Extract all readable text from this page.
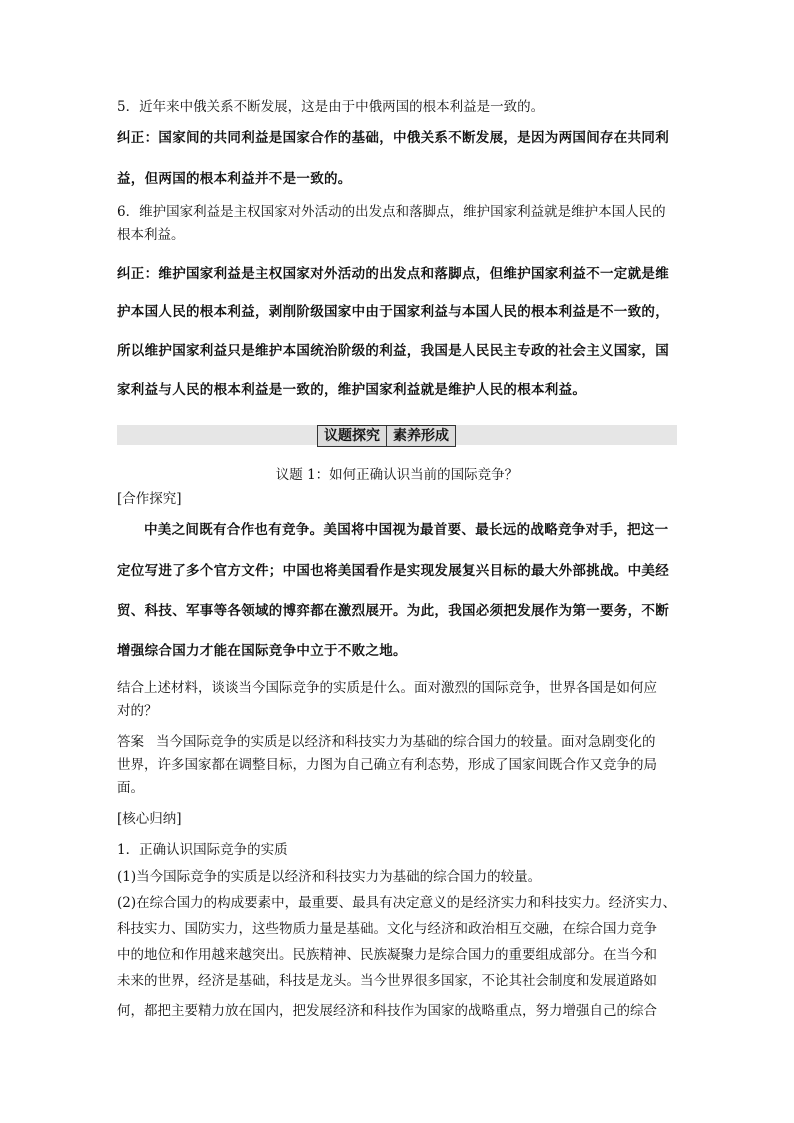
5．近年来中俄关系不断发展，这是由于中俄两国的根本利益是一致的。
纠正：国家间的共同利益是国家合作的基础，中俄关系不断发展，是因为两国间存在共同利
益，但两国的根本利益并不是一致的。
6．维护国家利益是主权国家对外活动的出发点和落脚点，维护国家利益就是维护本国人民的
根本利益。
纠正：维护国家利益是主权国家对外活动的出发点和落脚点，但维护国家利益不一定就是维
护本国人民的根本利益，剥削阶级国家中由于国家利益与本国人民的根本利益是不一致的，
所以维护国家利益只是维护本国统治阶级的利益，我国是人民民主专政的社会主义国家，国
家利益与人民的根本利益是一致的，维护国家利益就是维护人民的根本利益。
议题探究 素养形成
议题 1：如何正确认识当前的国际竞争？
[合作探究]
中美之间既有合作也有竞争。美国将中国视为最首要、最长远的战略竞争对手，把这一
定位写进了多个官方文件；中国也将美国看作是实现发展复兴目标的最大外部挑战。中美经
贸、科技、军事等各领域的博弈都在激烈展开。为此，我国必须把发展作为第一要务，不断
增强综合国力才能在国际竞争中立于不败之地。
结合上述材料，谈谈当今国际竞争的实质是什么。面对激烈的国际竞争，世界各国是如何应
对的？
答案 当今国际竞争的实质是以经济和科技实力为基础的综合国力的较量。面对急剧变化的
世界，许多国家都在调整目标，力图为自己确立有利态势，形成了国家间既合作又竞争的局
面。
[核心归纳]
1．正确认识国际竞争的实质
(1)当今国际竞争的实质是以经济和科技实力为基础的综合国力的较量。
(2)在综合国力的构成要素中，最重要、最具有决定意义的是经济实力和科技实力。经济实力、
科技实力、国防实力，这些物质力量是基础。文化与经济和政治相互交融，在综合国力竞争
中的地位和作用越来越突出。民族精神、民族凝聚力是综合国力的重要组成部分。在当今和
未来的世界，经济是基础，科技是龙头。当今世界很多国家，不论其社会制度和发展道路如
何，都把主要精力放在国内，把发展经济和科技作为国家的战略重点，努力增强自己的综合
